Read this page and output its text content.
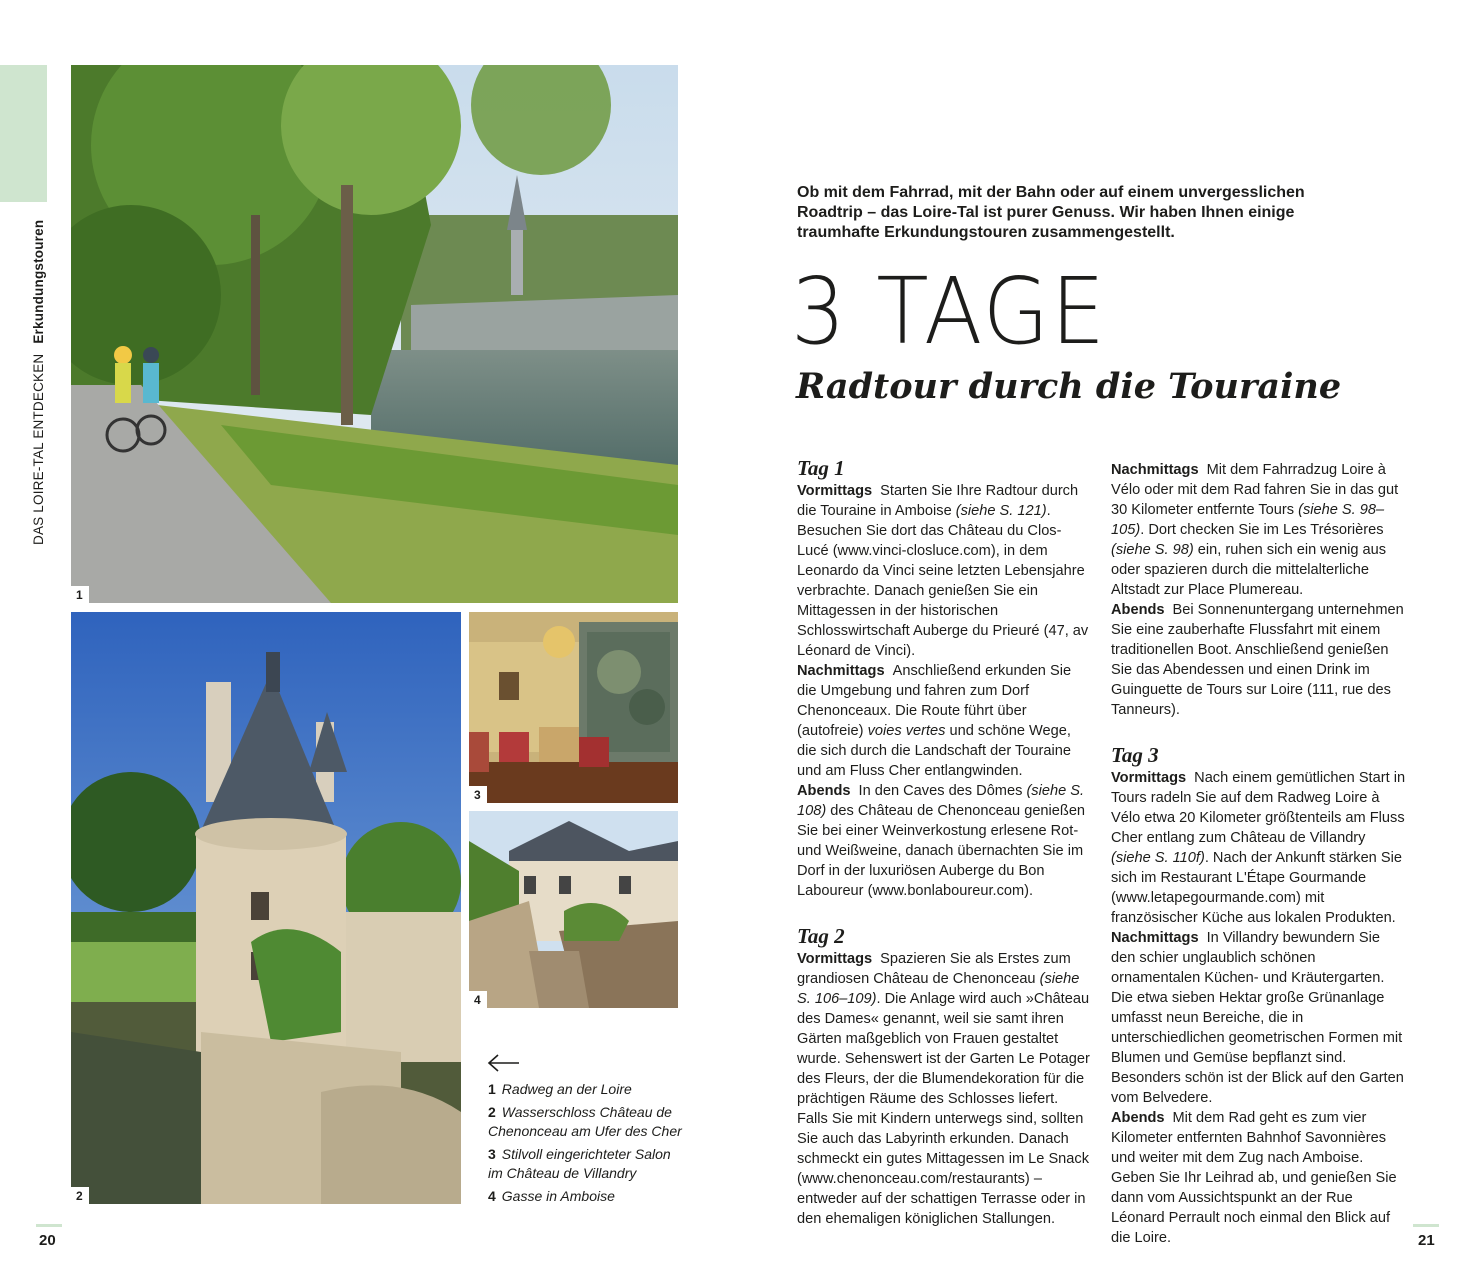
DAS LOIRE-TAL ENTDECKEN Erkundungstouren
1
2
3
4
1 Radweg an der Loire
2 Wasserschloss Château de Chenonceau am Ufer des Cher
3 Stilvoll eingerichteter Salon im Château de Villandry
4 Gasse in Amboise
Ob mit dem Fahrrad, mit der Bahn oder auf einem unvergesslichen Roadtrip – das Loire-Tal ist purer Genuss. Wir haben Ihnen einige traumhafte Erkundungstouren zusammengestellt.
3 TAGE
Radtour durch die Touraine
Tag 1

Vormittags Starten Sie Ihre Radtour durch die Touraine in Amboise (siehe S. 121). Besuchen Sie dort das Château du Clos-Lucé (www.vinci-closluce.com), in dem Leonardo da Vinci seine letzten Lebensjahre verbrachte. Danach genießen Sie ein Mittagessen in der historischen Schlosswirtschaft Auberge du Prieuré (47, av Léonard de Vinci).

Nachmittags Anschließend erkunden Sie die Umgebung und fahren zum Dorf Chenonceaux. Die Route führt über (autofreie) voies vertes und schöne Wege, die sich durch die Landschaft der Touraine und am Fluss Cher entlangwinden.

Abends In den Caves des Dômes (siehe S. 108) des Château de Chenonceau genießen Sie bei einer Weinverkostung erlesene Rot- und Weißweine, danach übernachten Sie im Dorf in der luxuriösen Auberge du Bon Laboureur (www.bonlaboureur.com).

Tag 2

Vormittags Spazieren Sie als Erstes zum grandiosen Château de Chenonceau (siehe S. 106–109). Die Anlage wird auch »Château des Dames« genannt, weil sie samt ihren Gärten maßgeblich von Frauen gestaltet wurde. Sehenswert ist der Garten Le Potager des Fleurs, der die Blumendekoration für die prächtigen Räume des Schlosses liefert. Falls Sie mit Kindern unterwegs sind, sollten Sie auch das Labyrinth erkunden. Danach schmeckt ein gutes Mittagessen im Le Snack (www.chenonceau.com/restaurants) – entweder auf der schattigen Terrasse oder in den ehemaligen königlichen Stallungen.

Nachmittags Mit dem Fahrradzug Loire à Vélo oder mit dem Rad fahren Sie in das gut 30 Kilometer entfernte Tours (siehe S. 98–105). Dort checken Sie im Les Trésorières (siehe S. 98) ein, ruhen sich ein wenig aus oder spazieren durch die mittelalterliche Altstadt zur Place Plumereau.

Abends Bei Sonnenuntergang unternehmen Sie eine zauberhafte Flussfahrt mit einem traditionellen Boot. Anschließend genießen Sie das Abendessen und einen Drink im Guinguette de Tours sur Loire (111, rue des Tanneurs).

Tag 3

Vormittags Nach einem gemütlichen Start in Tours radeln Sie auf dem Radweg Loire à Vélo etwa 20 Kilometer größtenteils am Fluss Cher entlang zum Château de Villandry (siehe S. 110f). Nach der Ankunft stärken Sie sich im Restaurant L'Étape Gourmande (www.letapegourmande.com) mit französischer Küche aus lokalen Produkten.

Nachmittags In Villandry bewundern Sie den schier unglaublich schönen ornamentalen Küchen- und Kräutergarten. Die etwa sieben Hektar große Grünanlage umfasst neun Bereiche, die in unterschiedlichen geometrischen Formen mit Blumen und Gemüse bepflanzt sind. Besonders schön ist der Blick auf den Garten vom Belvedere.

Abends Mit dem Rad geht es zum vier Kilometer entfernten Bahnhof Savonnières und weiter mit dem Zug nach Amboise. Geben Sie Ihr Leihrad ab, und genießen Sie dann vom Aussichtspunkt an der Rue Léonard Perrault noch einmal den Blick auf die Loire.

20	21
